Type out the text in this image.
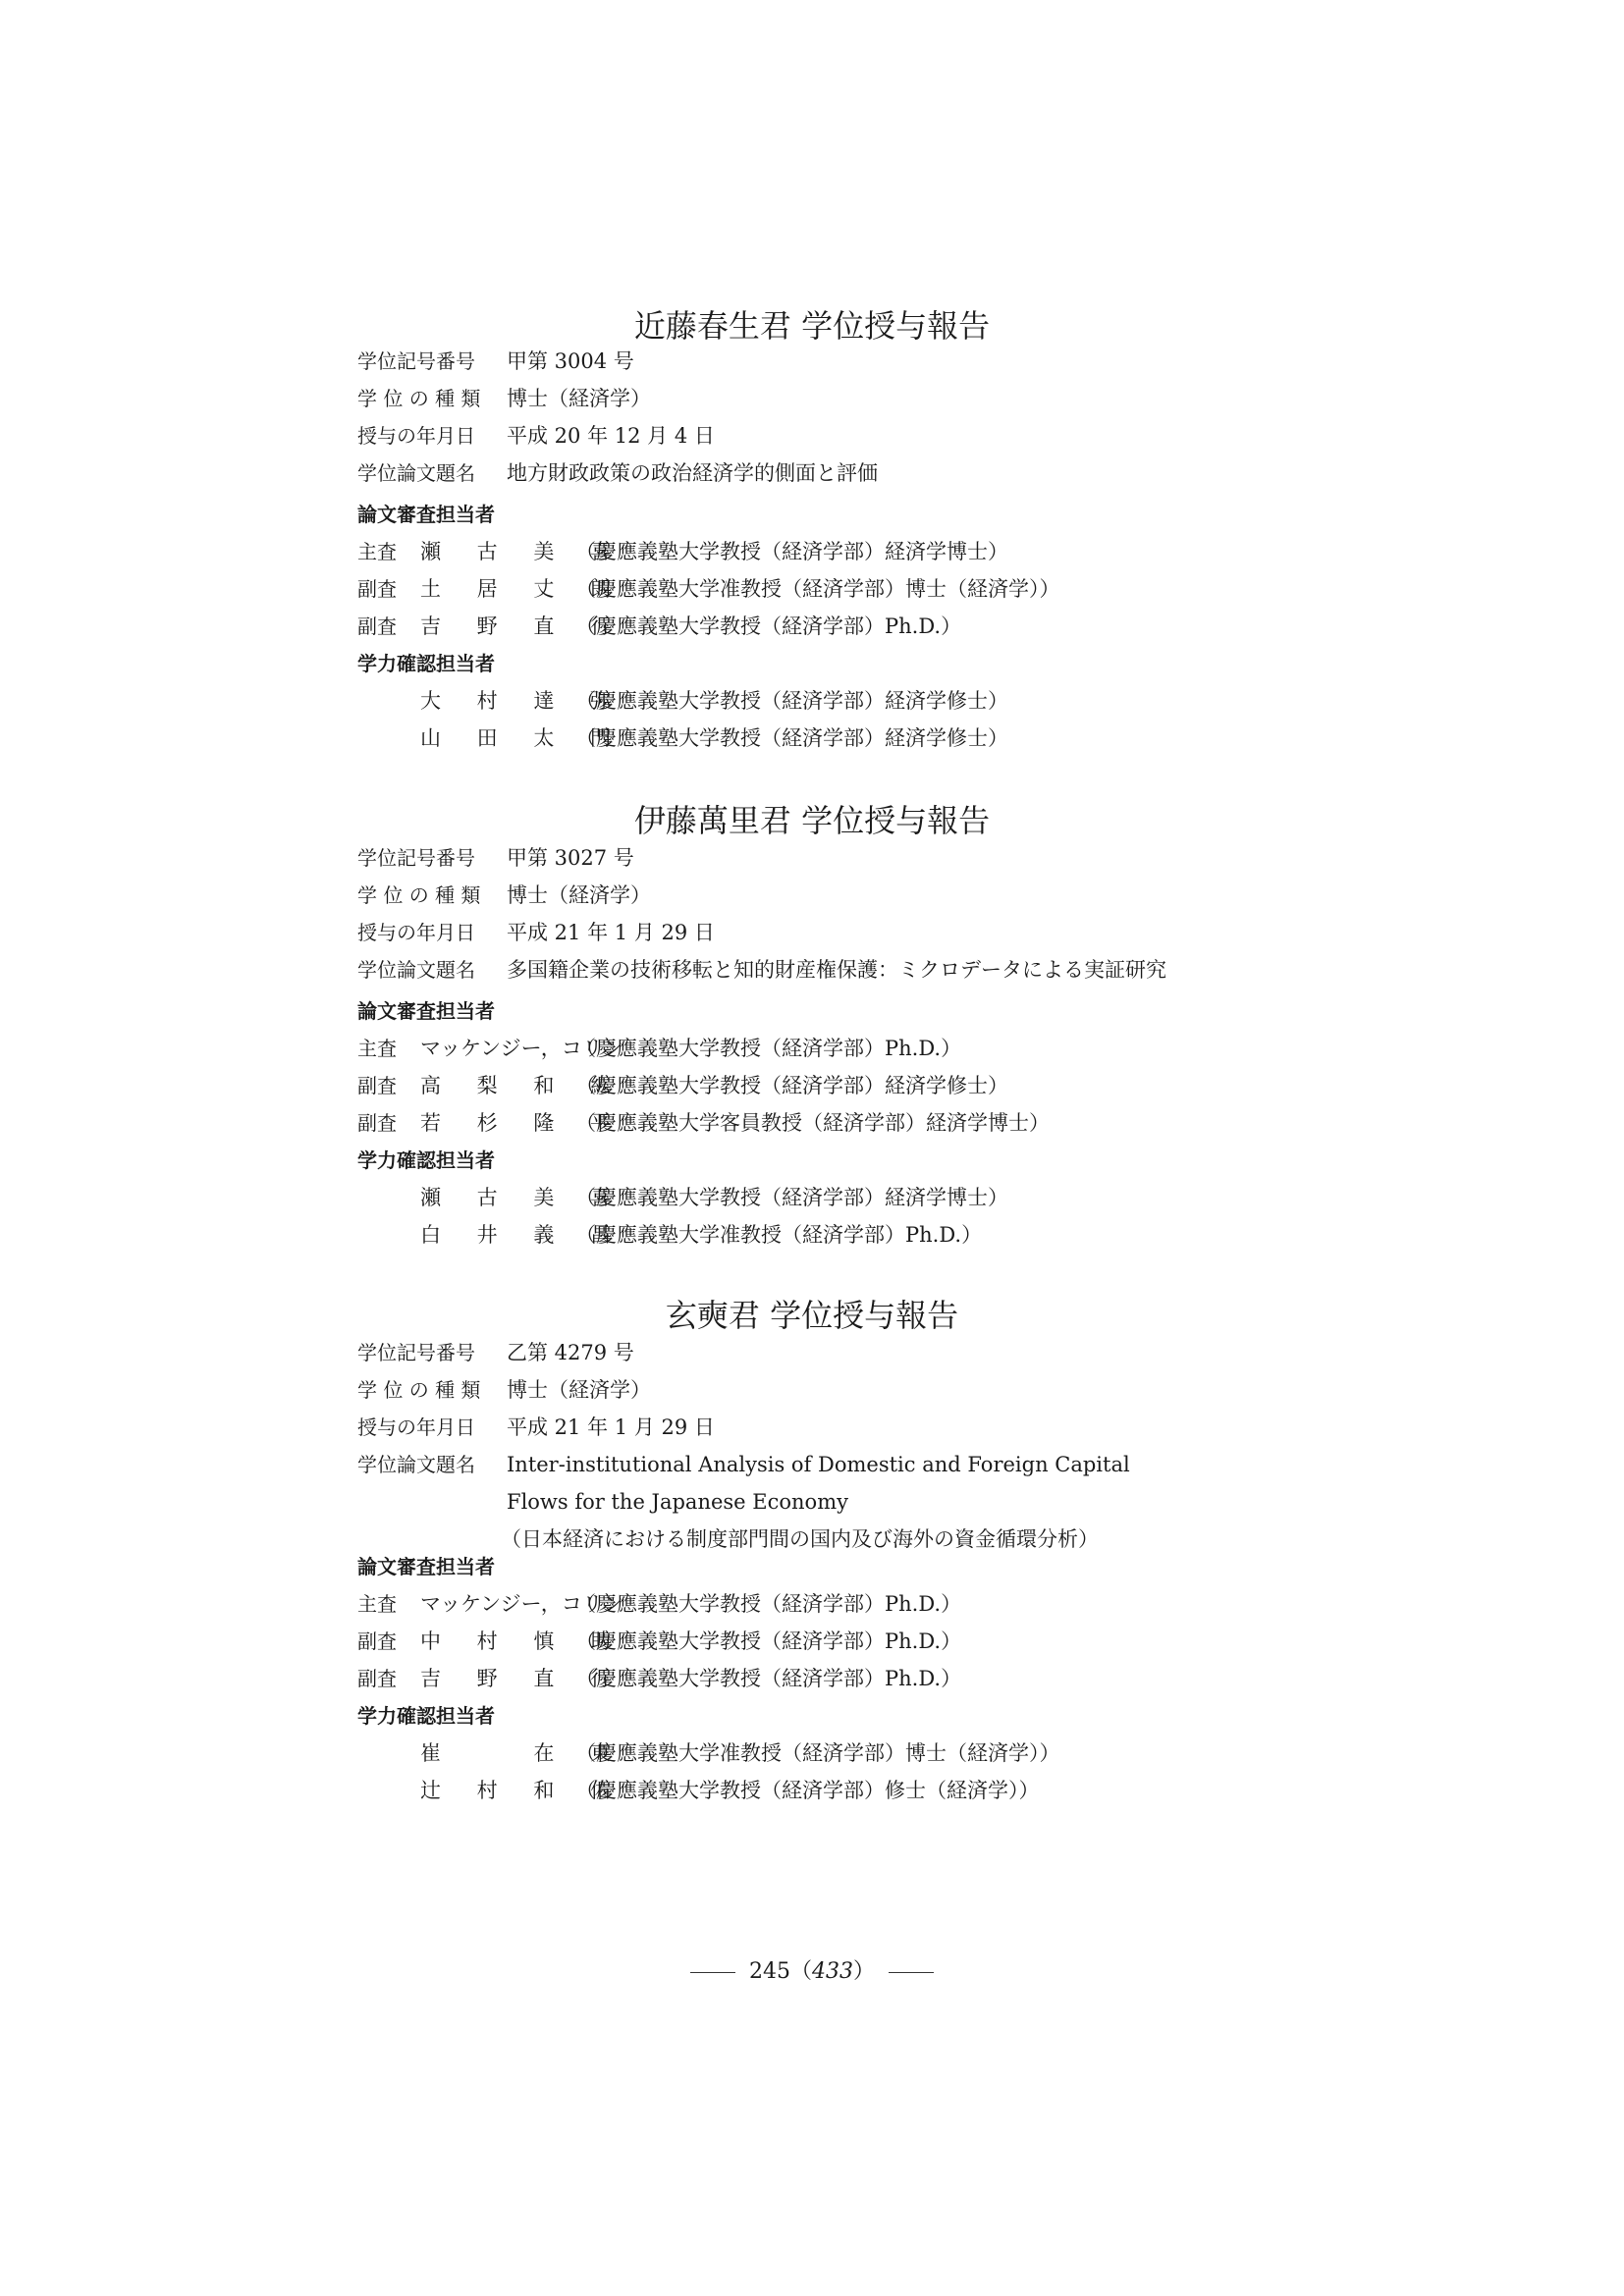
近藤春生君 学位授与報告
学位記号番号 甲第 3004 号
学 位 の 種 類 博士（経済学）
授与の年月日 平成 20 年 12 月 4 日
学位論文題名 地方財政政策の政治経済学的側面と評価
論文審査担当者
主査 瀬 古 美 喜
（慶應義塾大学教授（経済学部）経済学博士）
副査 土 居 丈 朗
（慶應義塾大学准教授（経済学部）博士（経済学））
副査 吉 野 直 行
（慶應義塾大学教授（経済学部）Ph.D.）
学力確認担当者
大 村 達 弥
（慶應義塾大学教授（経済学部）経済学修士）
山 田 太 門
（慶應義塾大学教授（経済学部）経済学修士）
伊藤萬里君 学位授与報告
学位記号番号 甲第 3027 号
学 位 の 種 類 博士（経済学）
授与の年月日 平成 21 年 1 月 29 日
学位論文題名 多国籍企業の技術移転と知的財産権保護：ミクロデータによる実証研究
論文審査担当者
主査 マッケンジー，コリン
（慶應義塾大学教授（経済学部）Ph.D.）
副査 高 梨 和 紘
（慶應義塾大学教授（経済学部）経済学修士）
副査 若 杉 隆 平
（慶應義塾大学客員教授（経済学部）経済学博士）
学力確認担当者
瀬 古 美 喜
（慶應義塾大学教授（経済学部）経済学博士）
白 井 義 昌
（慶應義塾大学准教授（経済学部）Ph.D.）
玄奭君 学位授与報告
学位記号番号 乙第 4279 号
学 位 の 種 類 博士（経済学）
授与の年月日 平成 21 年 1 月 29 日
学位論文題名 Inter-institutional Analysis of Domestic and Foreign Capital
Flows for the Japanese Economy
（日本経済における制度部門間の国内及び海外の資金循環分析）
論文審査担当者
主査 マッケンジー，コリン
（慶應義塾大学教授（経済学部）Ph.D.）
副査 中 村 慎 助
（慶應義塾大学教授（経済学部）Ph.D.）
副査 吉 野 直 行
（慶應義塾大学教授（経済学部）Ph.D.）
学力確認担当者
崔 　 在 東
（慶應義塾大学准教授（経済学部）博士（経済学））
辻 村 和 佑
（慶應義塾大学教授（経済学部）修士（経済学））
245（433）
